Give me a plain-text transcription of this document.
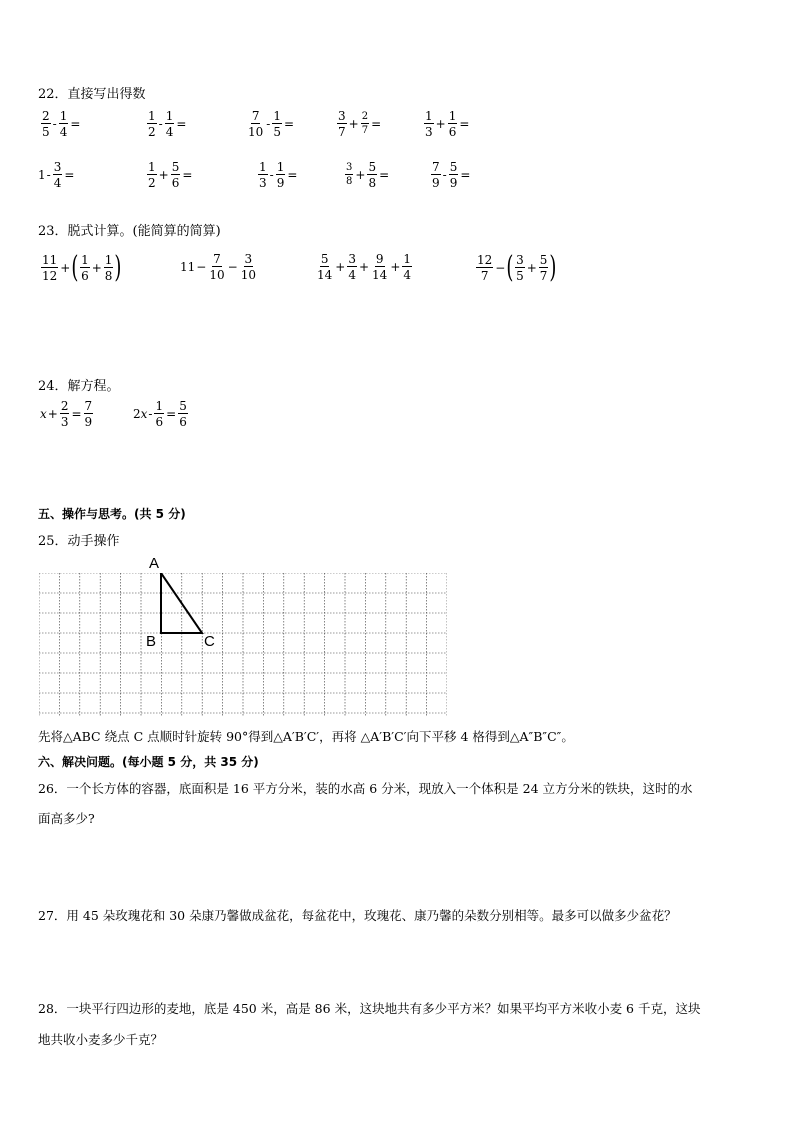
22．直接写出得数
$\frac{2}{5} - \frac{1}{4}$ =	$\frac{1}{2} - \frac{1}{4}$ =	$\frac{7}{10} - \frac{1}{5}$ =	$\frac{3}{7} + \frac{2}{7}$ =	$\frac{1}{3} + \frac{1}{6}$ =
$1 - \frac{3}{4}$ =	$\frac{1}{2} + \frac{5}{6}$ =	$\frac{1}{3} - \frac{1}{9}$ =	$\frac{3}{8} + \frac{5}{8}$ =	$\frac{7}{9} - \frac{5}{9}$ =
23．脱式计算。(能简算的简算)
$\frac{11}{12}$ + ( $\frac{1}{6} + \frac{1}{8}$ )	$11 - \frac{7}{10} - \frac{3}{10}$	$\frac{5}{14} + \frac{3}{4} + \frac{9}{14} + \frac{1}{4}$	$\frac{12}{7}$ − ( $\frac{3}{5} + \frac{5}{7}$ )
24．解方程。
$x + \frac{2}{3} = \frac{7}{9}$	2 $x - \frac{1}{6} = \frac{5}{6}$
五、操作与思考。(共 5 分)
25．动手操作
A
B	C
先将△ABC 绕点 C 点顺时针旋转 90°得到△A′B′C′，再将 △A′B′C′向下平移 4 格得到△A″B″C″。
六、解决问题。(每小题 5 分，共 35 分)
26．一个长方体的容器，底面积是 16 平方分米，装的水高 6 分米，现放入一个体积是 24 立方分米的铁块，这时的水
面高多少?
27．用 45 朵玫瑰花和 30 朵康乃馨做成盆花，每盆花中，玫瑰花、康乃馨的朵数分别相等。最多可以做多少盆花？
28．一块平行四边形的麦地，底是 450 米，高是 86 米，这块地共有多少平方米？如果平均平方米收小麦 6 千克，这块
地共收小麦多少千克？
